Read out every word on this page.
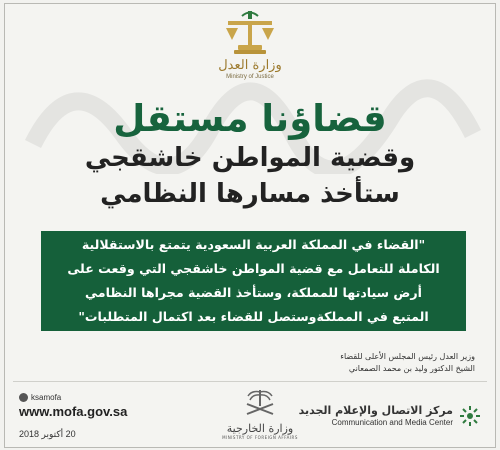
وزارة العدل
Ministry of Justice
قضاؤنا مستقل
وقضية المواطن خاشقجي
ستأخذ مسارها النظامي
"القضاء في المملكة العربية السعودية يتمتع بالاستقلالية
الكاملة للتعامل مع قضية المواطن خاشقجي التي وقعت على
أرض سيادتها للمملكة، وستأخذ القضية مجراها النظامي
المتبع في المملكةوستصل للقضاء بعد اكتمال المتطلبات"
وزير العدل رئيس المجلس الأعلى للقضاء
الشيخ الدكتور وليد بن محمد الصمعاني
ksamofa
www.mofa.gov.sa
20 أكتوبر 2018	وزارة الخارجية
MINISTRY OF FOREIGN AFFAIRS
مركز الاتصال والإعلام الجديد
Communication and Media Center
